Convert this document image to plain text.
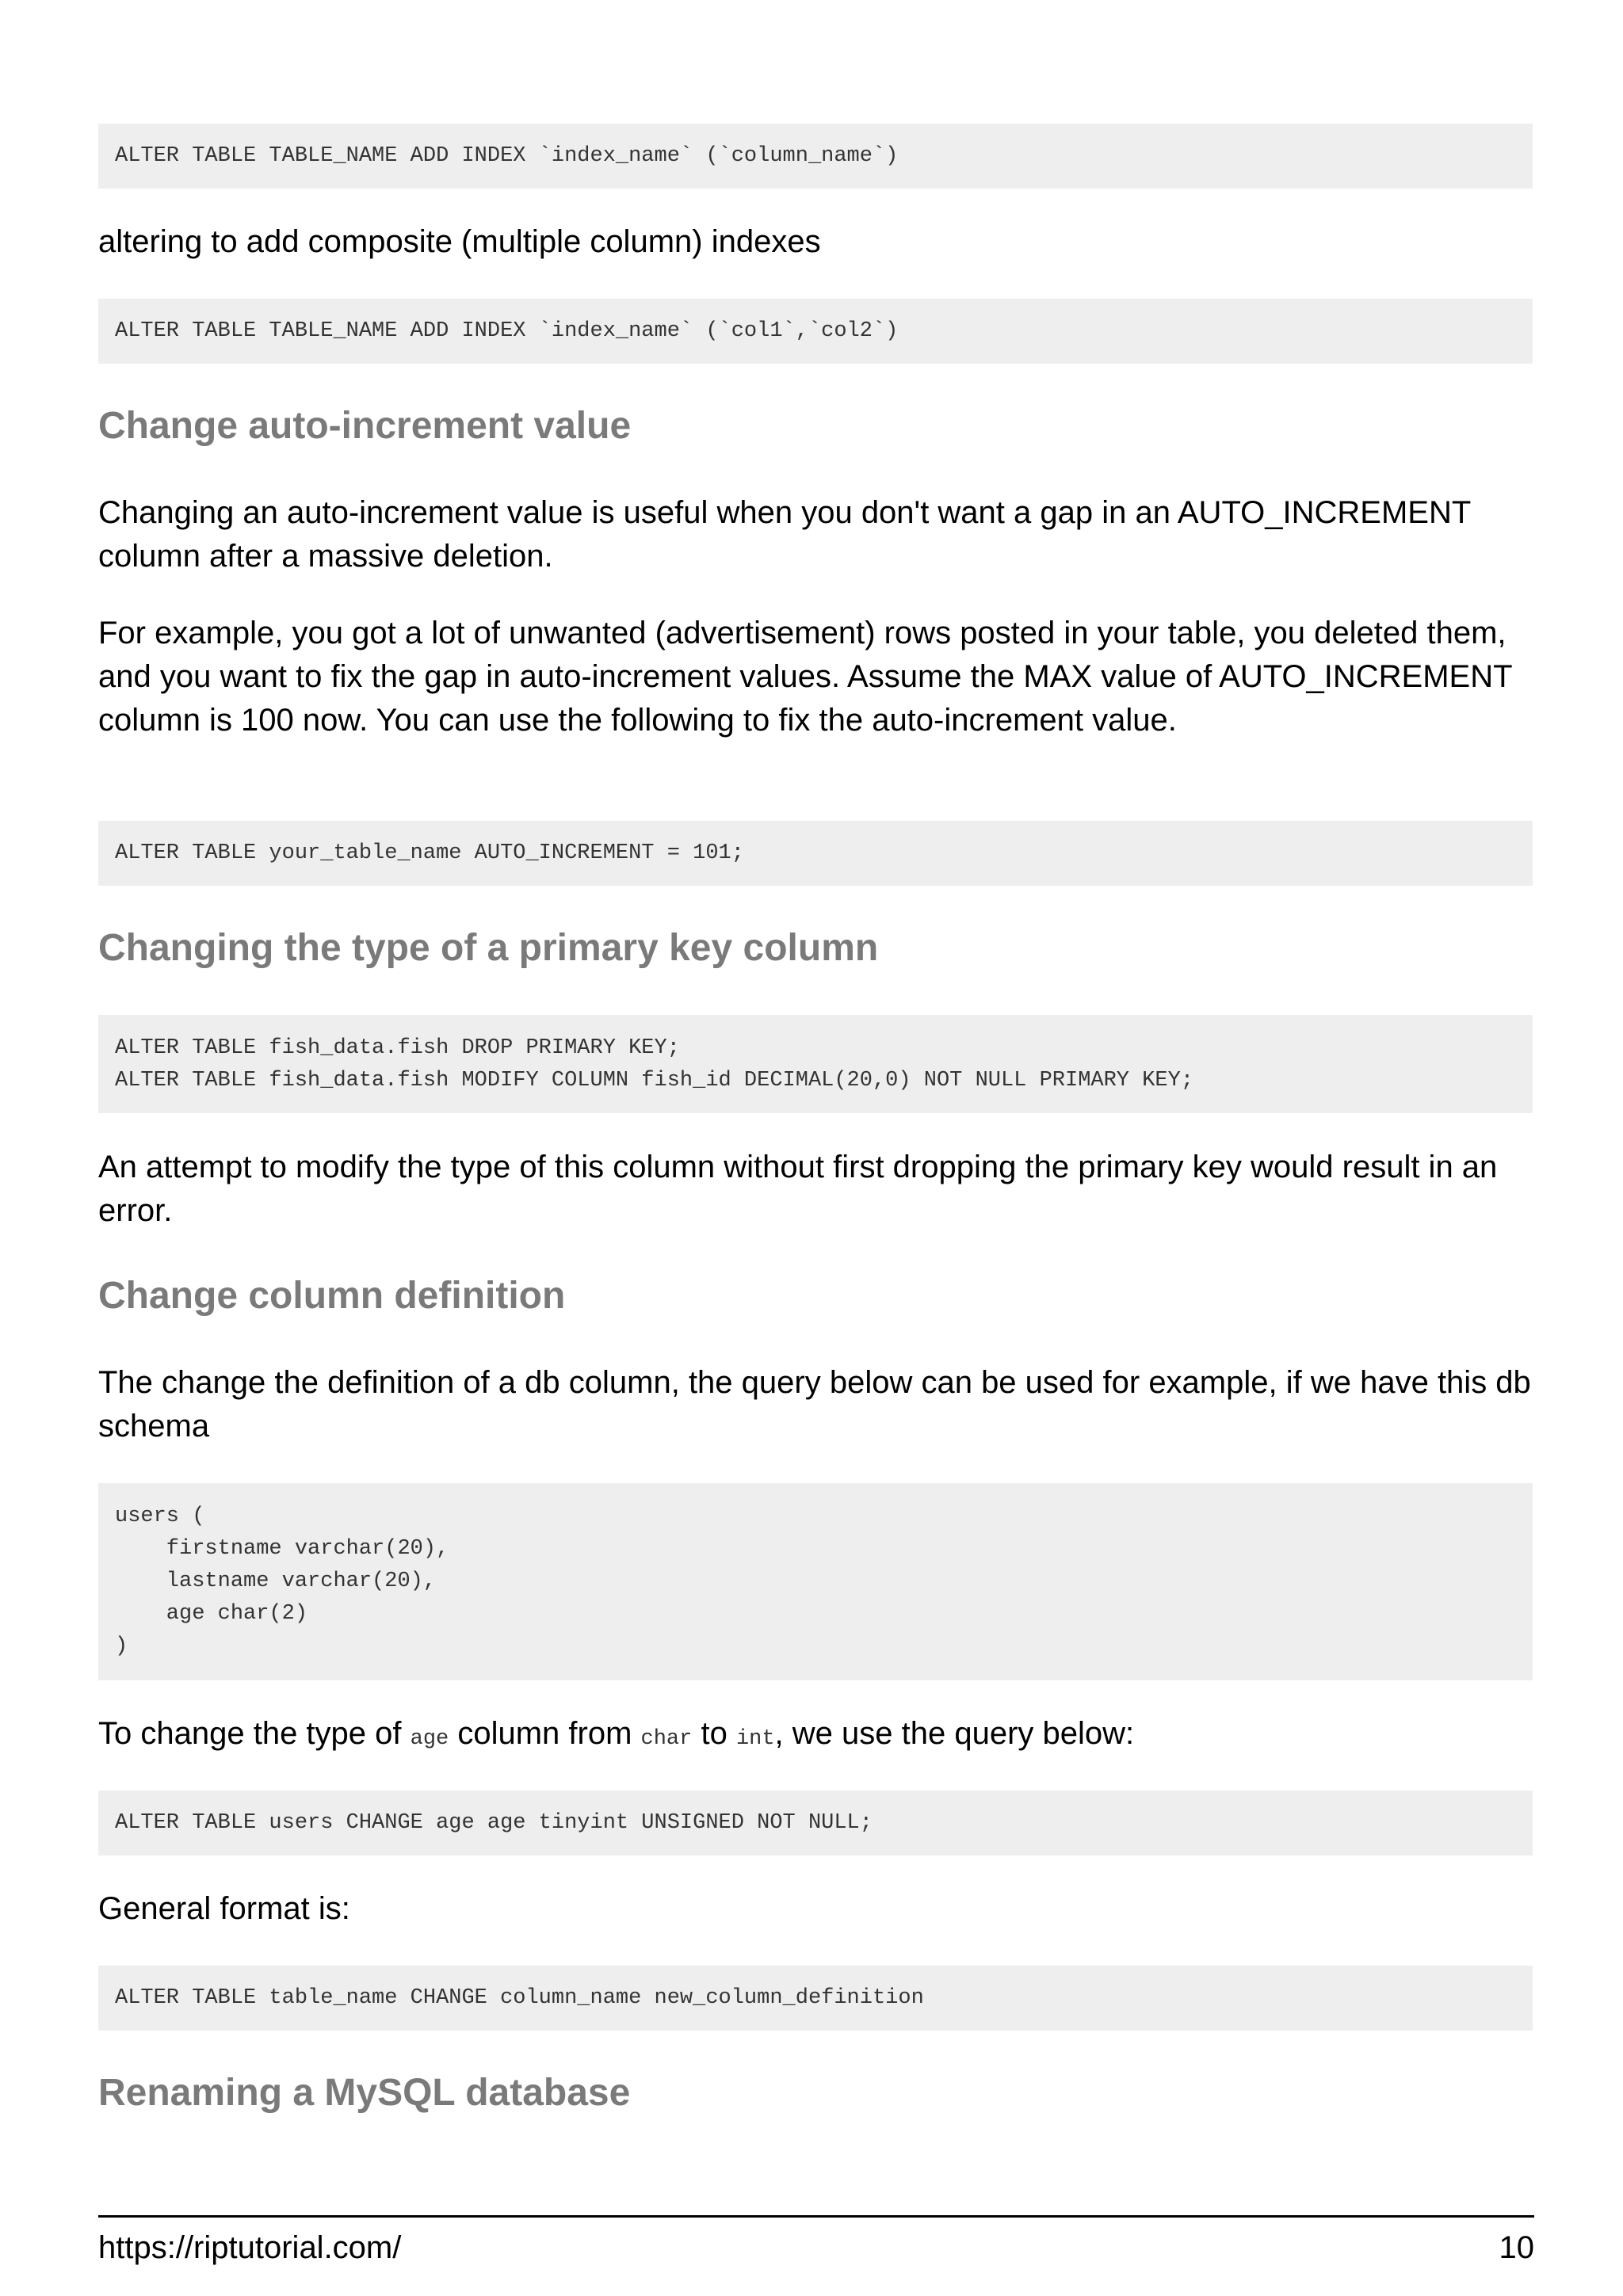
ALTER TABLE TABLE_NAME ADD INDEX `index_name` (`column_name`)

altering to add composite (multiple column) indexes

ALTER TABLE TABLE_NAME ADD INDEX `index_name` (`col1`,`col2`)
Change auto-increment value

Changing an auto-increment value is useful when you don't want a gap in an AUTO_INCREMENT column after a massive deletion.

For example, you got a lot of unwanted (advertisement) rows posted in your table, you deleted them, and you want to fix the gap in auto-increment values. Assume the MAX value of AUTO_INCREMENT column is 100 now. You can use the following to fix the auto-increment value.

ALTER TABLE your_table_name AUTO_INCREMENT = 101;
Changing the type of a primary key column
ALTER TABLE fish_data.fish DROP PRIMARY KEY;
ALTER TABLE fish_data.fish MODIFY COLUMN fish_id DECIMAL(20,0) NOT NULL PRIMARY KEY;

An attempt to modify the type of this column without first dropping the primary key would result in an error.

Change column definition

The change the definition of a db column, the query below can be used for example, if we have this db schema

users (
firstname varchar(20),
lastname varchar(20),
age char(2)
)

To change the type of age column from char to int, we use the query below:

ALTER TABLE users CHANGE age age tinyint UNSIGNED NOT NULL;

General format is:

ALTER TABLE table_name CHANGE column_name new_column_definition
Renaming a MySQL database
https://riptutorial.com/	10
